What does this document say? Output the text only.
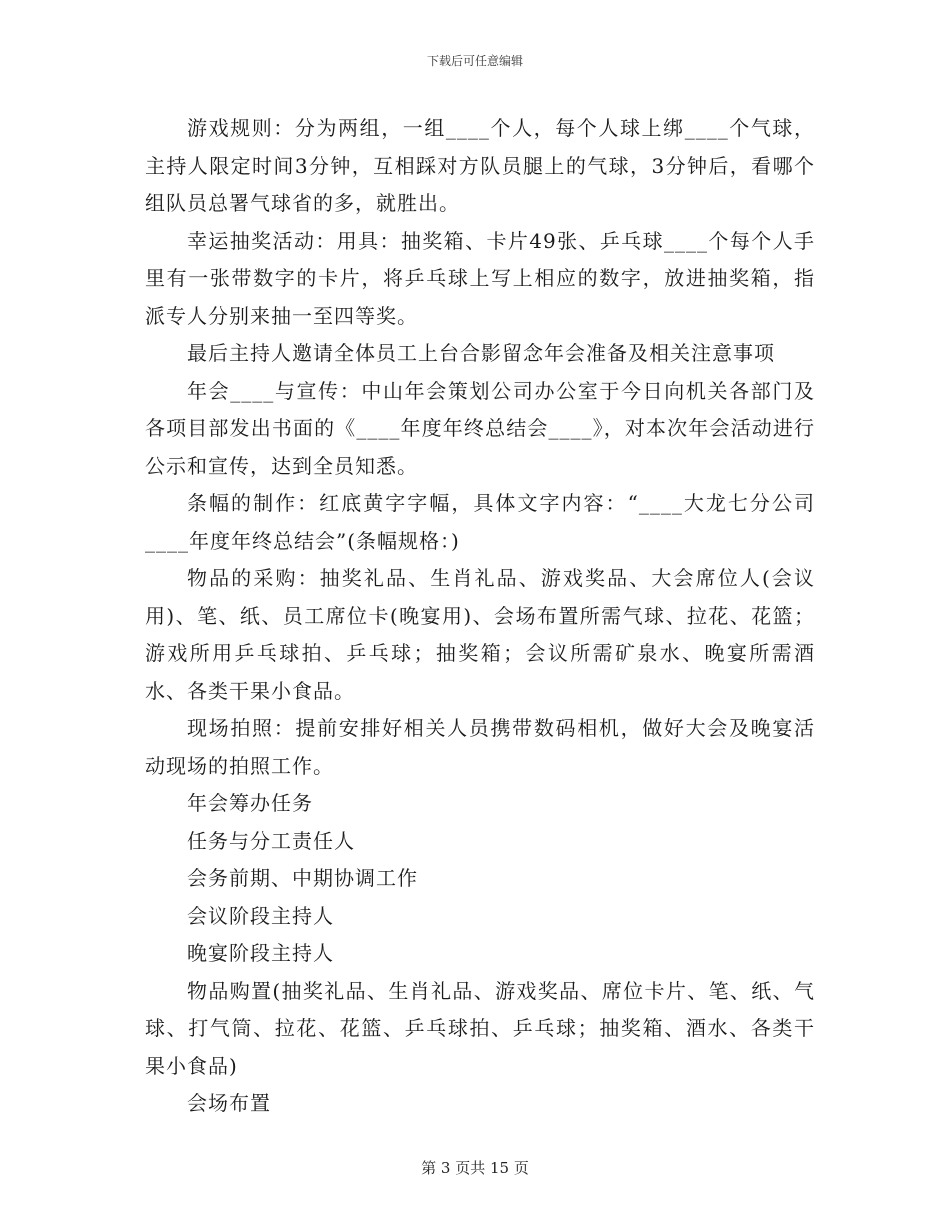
下载后可任意编辑

游戏规则：分为两组，一组____个人，每个人球上绑____个气球，主持人限定时间3分钟，互相踩对方队员腿上的气球，3分钟后，看哪个组队员总署气球省的多，就胜出。

幸运抽奖活动：用具：抽奖箱、卡片49张、乒乓球____个每个人手里有一张带数字的卡片，将乒乓球上写上相应的数字，放进抽奖箱，指派专人分别来抽一至四等奖。

最后主持人邀请全体员工上台合影留念年会准备及相关注意事项

年会____与宣传：中山年会策划公司办公室于今日向机关各部门及各项目部发出书面的《____年度年终总结会____》，对本次年会活动进行公示和宣传，达到全员知悉。

条幅的制作：红底黄字字幅，具体文字内容：“____大龙七分公司____年度年终总结会”(条幅规格：)

物品的采购：抽奖礼品、生肖礼品、游戏奖品、大会席位人(会议用)、笔、纸、员工席位卡(晚宴用)、会场布置所需气球、拉花、花篮；游戏所用乒乓球拍、乒乓球；抽奖箱；会议所需矿泉水、晚宴所需酒水、各类干果小食品。

现场拍照：提前安排好相关人员携带数码相机，做好大会及晚宴活动现场的拍照工作。

年会筹办任务

任务与分工责任人

会务前期、中期协调工作

会议阶段主持人

晚宴阶段主持人

物品购置(抽奖礼品、生肖礼品、游戏奖品、席位卡片、笔、纸、气球、打气筒、拉花、花篮、乒乓球拍、乒乓球；抽奖箱、酒水、各类干果小食品)

会场布置

第 3 页共 15 页
